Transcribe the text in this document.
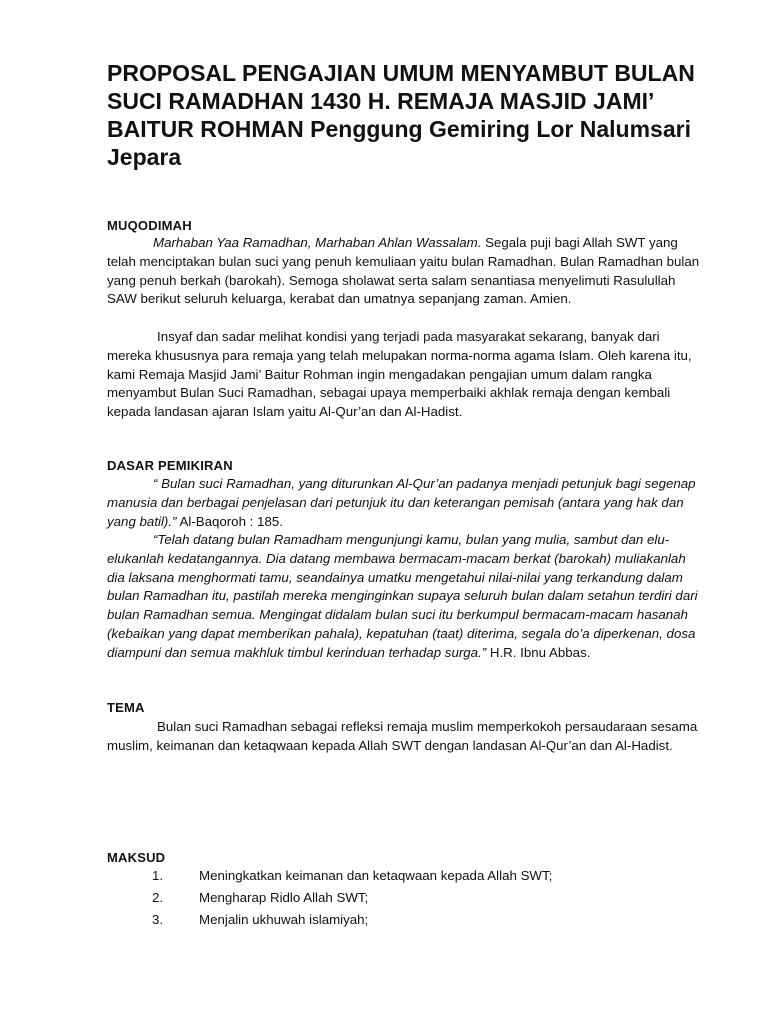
PROPOSAL PENGAJIAN UMUM MENYAMBUT BULAN SUCI RAMADHAN 1430 H. REMAJA MASJID JAMI’ BAITUR ROHMAN Penggung Gemiring Lor Nalumsari Jepara
MUQODIMAH

Marhaban Yaa Ramadhan, Marhaban Ahlan Wassalam. Segala puji bagi Allah SWT yang telah menciptakan bulan suci yang penuh kemuliaan yaitu bulan Ramadhan. Bulan Ramadhan bulan yang penuh berkah (barokah). Semoga sholawat serta salam senantiasa menyelimuti Rasulullah SAW berikut seluruh keluarga, kerabat dan umatnya sepanjang zaman. Amien.

Insyaf dan sadar melihat kondisi yang terjadi pada masyarakat sekarang, banyak dari mereka khususnya para remaja yang telah melupakan norma-norma agama Islam. Oleh karena itu, kami Remaja Masjid Jami’ Baitur Rohman ingin mengadakan pengajian umum dalam rangka menyambut Bulan Suci Ramadhan, sebagai upaya memperbaiki akhlak remaja dengan kembali kepada landasan ajaran Islam yaitu Al-Qur’an dan Al-Hadist.

DASAR PEMIKIRAN

“ Bulan suci Ramadhan, yang diturunkan Al-Qur’an padanya menjadi petunjuk bagi segenap manusia dan berbagai penjelasan dari petunjuk itu dan keterangan pemisah (antara yang hak dan yang batil).” Al-Baqoroh : 185.

“Telah datang bulan Ramadham mengunjungi kamu, bulan yang mulia, sambut dan elu-elukanlah kedatangannya. Dia datang membawa bermacam-macam berkat (barokah) muliakanlah dia laksana menghormati tamu, seandainya umatku mengetahui nilai-nilai yang terkandung dalam bulan Ramadhan itu, pastilah mereka menginginkan supaya seluruh bulan dalam setahun terdiri dari bulan Ramadhan semua. Mengingat didalam bulan suci itu berkumpul bermacam-macam hasanah (kebaikan yang dapat memberikan pahala), kepatuhan (taat) diterima, segala do’a diperkenan, dosa diampuni dan semua makhluk timbul kerinduan terhadap surga.” H.R. Ibnu Abbas.

TEMA

Bulan suci Ramadhan sebagai refleksi remaja muslim memperkokoh persaudaraan sesama muslim, keimanan dan ketaqwaan kepada Allah SWT dengan landasan Al-Qur’an dan Al-Hadist.

MAKSUD
1.	Meningkatkan keimanan dan ketaqwaan kepada Allah SWT;
2.	Mengharap Ridlo Allah SWT;
3.	Menjalin ukhuwah islamiyah;
